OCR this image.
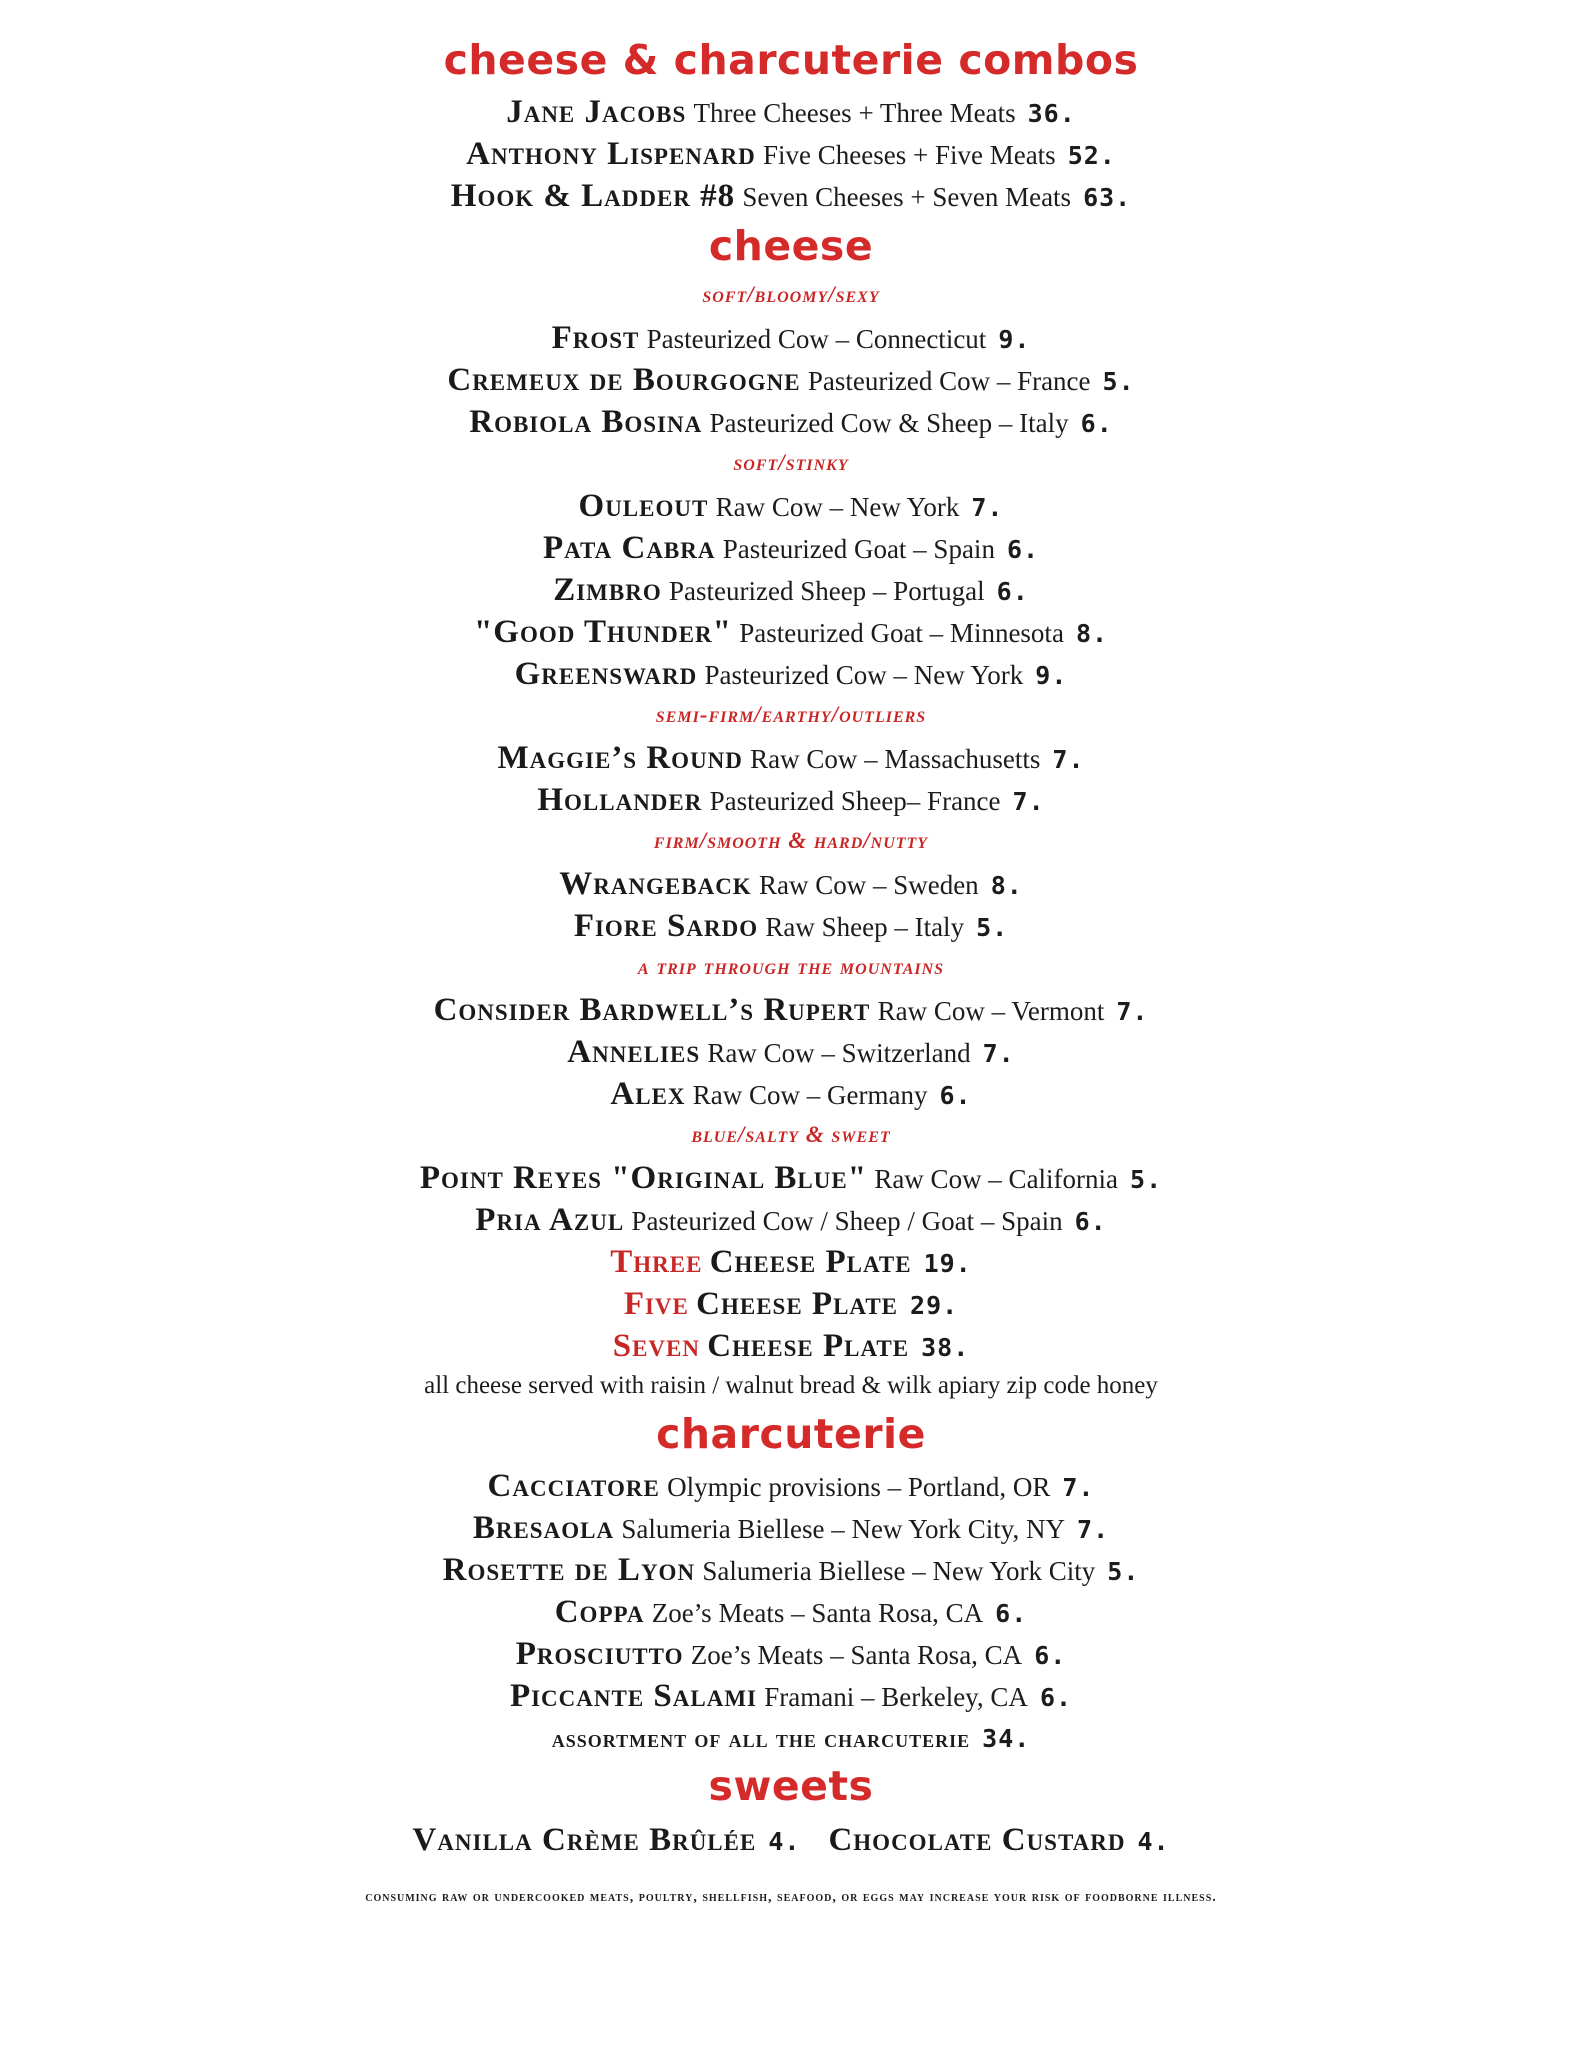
cheese & charcuterie combos
Jane Jacobs Three Cheeses + Three Meats 36.
Anthony Lispenard Five Cheeses + Five Meats 52.
Hook & Ladder #8 Seven Cheeses + Seven Meats 63.
cheese
soft/bloomy/sexy
Frost Pasteurized Cow – Connecticut 9.
Cremeux de Bourgogne Pasteurized Cow – France 5.
Robiola Bosina Pasteurized Cow & Sheep – Italy 6.
soft/stinky
Ouleout Raw Cow – New York 7.
Pata Cabra Pasteurized Goat – Spain 6.
Zimbro Pasteurized Sheep – Portugal 6.
"Good Thunder" Pasteurized Goat – Minnesota 8.
Greensward Pasteurized Cow – New York 9.
semi-firm/earthy/outliers
Maggie’s Round Raw Cow – Massachusetts 7.
Hollander Pasteurized Sheep– France 7.
firm/smooth & hard/nutty
Wrangeback Raw Cow – Sweden 8.
Fiore Sardo Raw Sheep – Italy 5.
a trip through the mountains
Consider Bardwell’s Rupert Raw Cow – Vermont 7.
Annelies Raw Cow – Switzerland 7.
Alex Raw Cow – Germany 6.
blue/salty & sweet
Point Reyes "Original Blue" Raw Cow – California 5.
Pria Azul Pasteurized Cow / Sheep / Goat – Spain 6.
Three Cheese Plate 19.
Five Cheese Plate 29.
Seven Cheese Plate 38.
all cheese served with raisin / walnut bread & wilk apiary zip code honey
charcuterie
Cacciatore Olympic provisions – Portland, OR 7.
Bresaola Salumeria Biellese – New York City, NY 7.
Rosette de Lyon Salumeria Biellese – New York City 5.
Coppa Zoe’s Meats – Santa Rosa, CA 6.
Prosciutto Zoe’s Meats – Santa Rosa, CA 6.
Piccante Salami Framani – Berkeley, CA 6.
assortment of all the charcuterie 34.
sweets
Vanilla Crème Brûlée 4. Chocolate Custard 4.
consuming raw or undercooked meats, poultry, shellfish, seafood, or eggs may increase your risk of foodborne illness.
